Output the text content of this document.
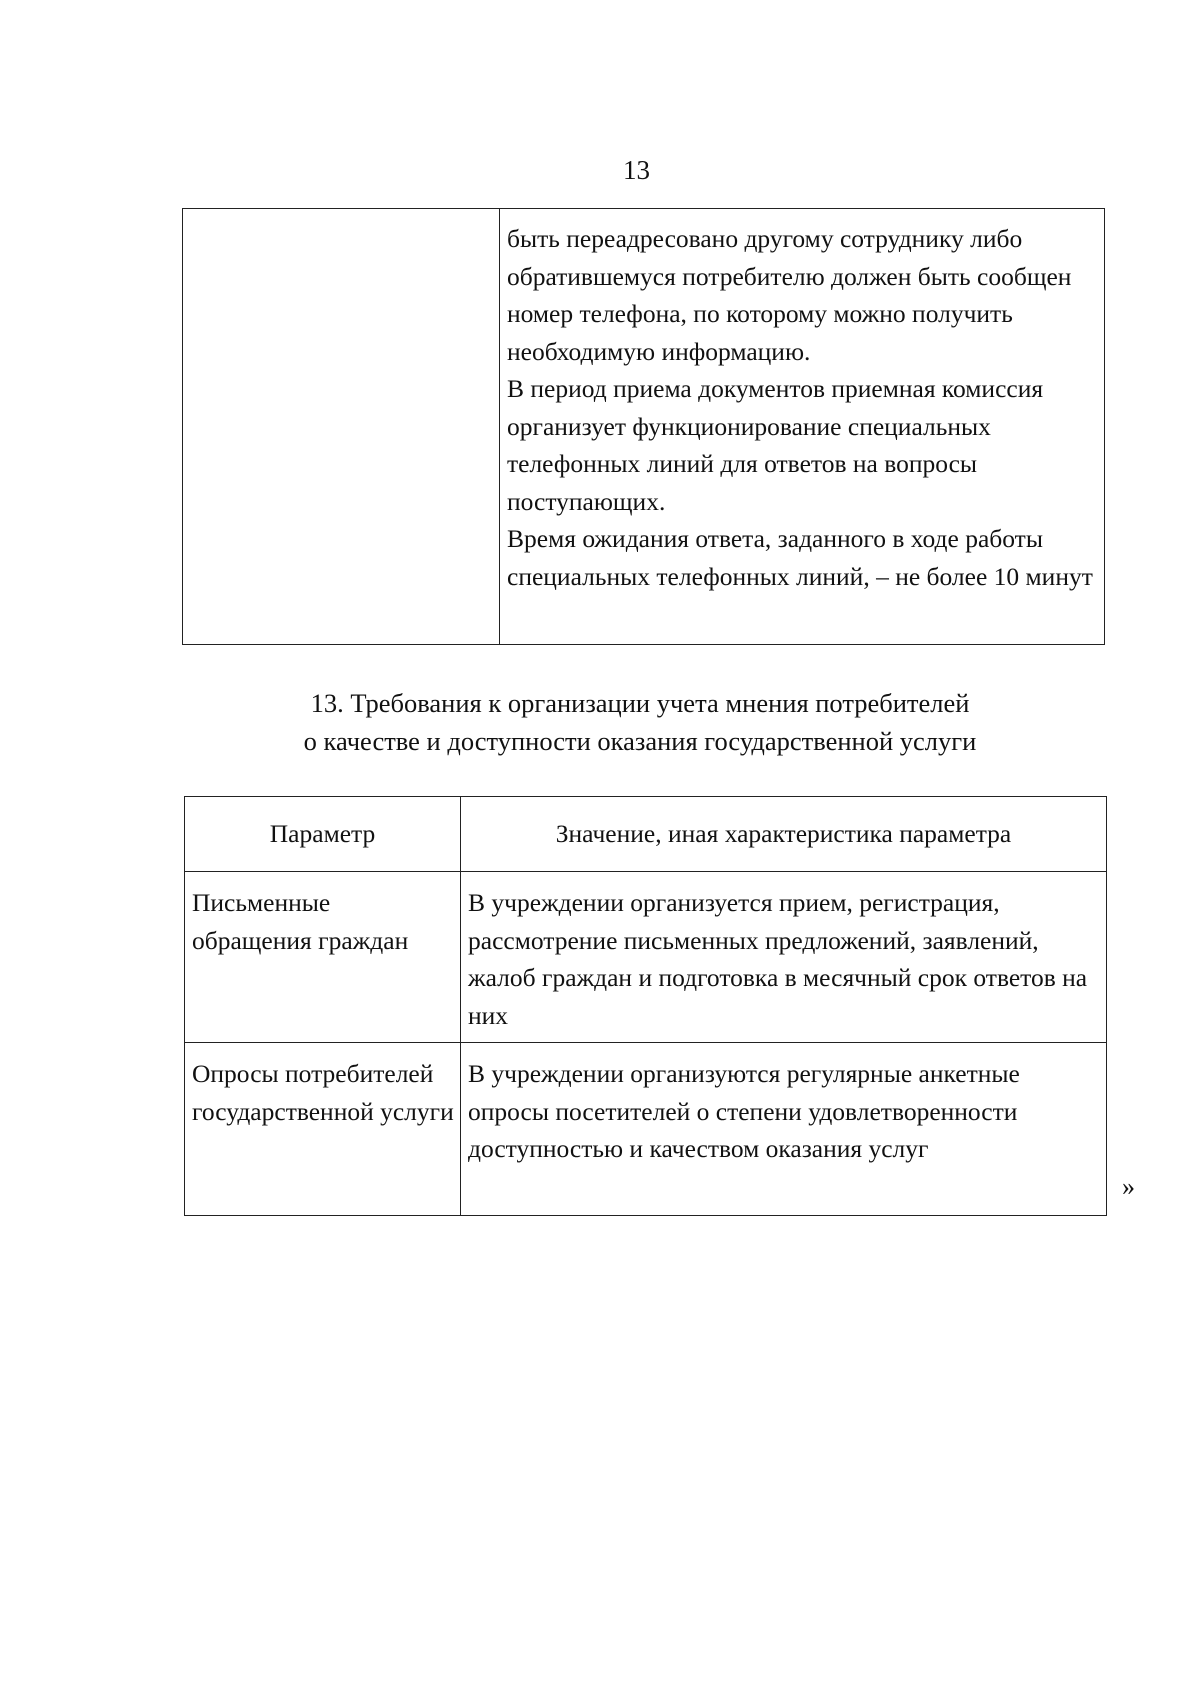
13

быть переадресовано другому сотруднику либо обратившемуся потребителю должен быть сообщен номер телефона, по которому можно получить необходимую информацию.
В период приема документов приемная комиссия организует функционирование специальных телефонных линий для ответов на вопросы поступающих.
Время ожидания ответа, заданного в ходе работы специальных телефонных линий, – не более 10 минут
13. Требования к организации учета мнения потребителей
о качестве и доступности оказания государственной услуги
Параметр	Значение, иная характеристика параметра
Письменные обращения граждан	В учреждении организуется прием, регистрация, рассмотрение письменных предложений, заявлений, жалоб граждан и подготовка в месячный срок ответов на них
Опросы потребителей государственной услуги	В учреждении организуются регулярные анкетные опросы посетителей о степени удовлетворенности доступностью и качеством оказания услуг
»
